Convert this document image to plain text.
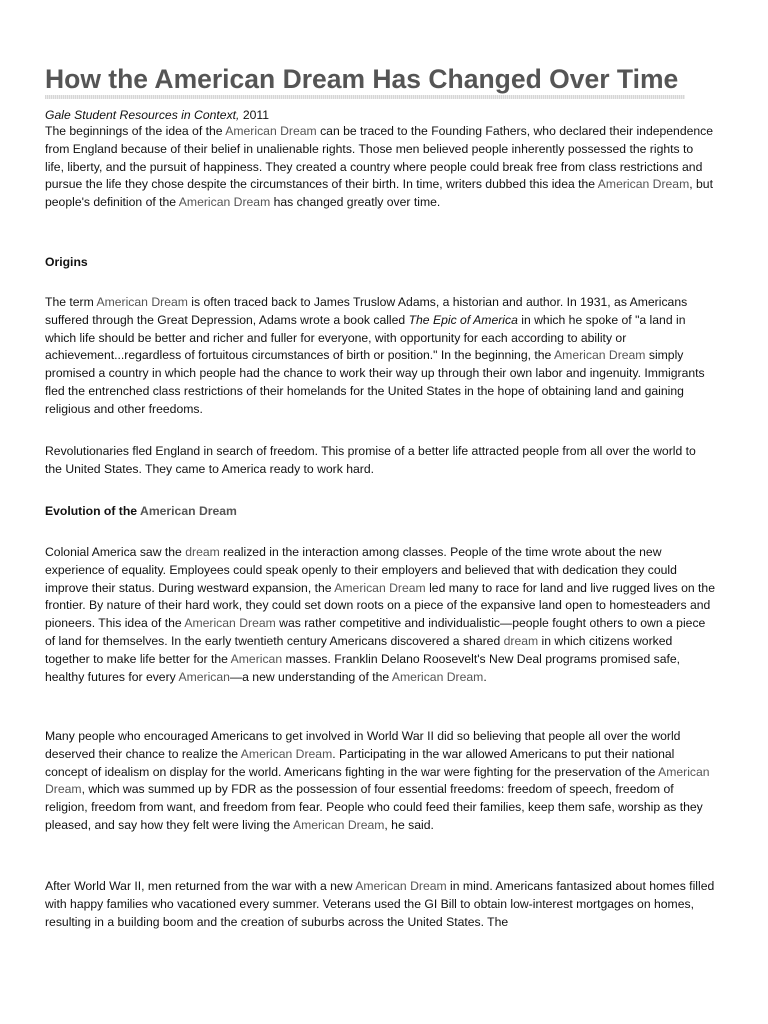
How the American Dream Has Changed Over Time

Gale Student Resources in Context, 2011

The beginnings of the idea of the American Dream can be traced to the Founding Fathers, who declared their independence from England because of their belief in unalienable rights. Those men believed people inherently possessed the rights to life, liberty, and the pursuit of happiness. They created a country where people could break free from class restrictions and pursue the life they chose despite the circumstances of their birth. In time, writers dubbed this idea the American Dream, but people's definition of the American Dream has changed greatly over time.

Origins

The term American Dream is often traced back to James Truslow Adams, a historian and author. In 1931, as Americans suffered through the Great Depression, Adams wrote a book called The Epic of America in which he spoke of "a land in which life should be better and richer and fuller for everyone, with opportunity for each according to ability or achievement...regardless of fortuitous circumstances of birth or position." In the beginning, the American Dream simply promised a country in which people had the chance to work their way up through their own labor and ingenuity. Immigrants fled the entrenched class restrictions of their homelands for the United States in the hope of obtaining land and gaining religious and other freedoms.

Revolutionaries fled England in search of freedom. This promise of a better life attracted people from all over the world to the United States. They came to America ready to work hard.

Evolution of the American Dream

Colonial America saw the dream realized in the interaction among classes. People of the time wrote about the new experience of equality. Employees could speak openly to their employers and believed that with dedication they could improve their status. During westward expansion, the American Dream led many to race for land and live rugged lives on the frontier. By nature of their hard work, they could set down roots on a piece of the expansive land open to homesteaders and pioneers. This idea of the American Dream was rather competitive and individualistic—people fought others to own a piece of land for themselves. In the early twentieth century Americans discovered a shared dream in which citizens worked together to make life better for the American masses. Franklin Delano Roosevelt's New Deal programs promised safe, healthy futures for every American—a new understanding of the American Dream.

Many people who encouraged Americans to get involved in World War II did so believing that people all over the world deserved their chance to realize the American Dream. Participating in the war allowed Americans to put their national concept of idealism on display for the world. Americans fighting in the war were fighting for the preservation of the American Dream, which was summed up by FDR as the possession of four essential freedoms: freedom of speech, freedom of religion, freedom from want, and freedom from fear. People who could feed their families, keep them safe, worship as they pleased, and say how they felt were living the American Dream, he said.

After World War II, men returned from the war with a new American Dream in mind. Americans fantasized about homes filled with happy families who vacationed every summer. Veterans used the GI Bill to obtain low-interest mortgages on homes, resulting in a building boom and the creation of suburbs across the United States. The
